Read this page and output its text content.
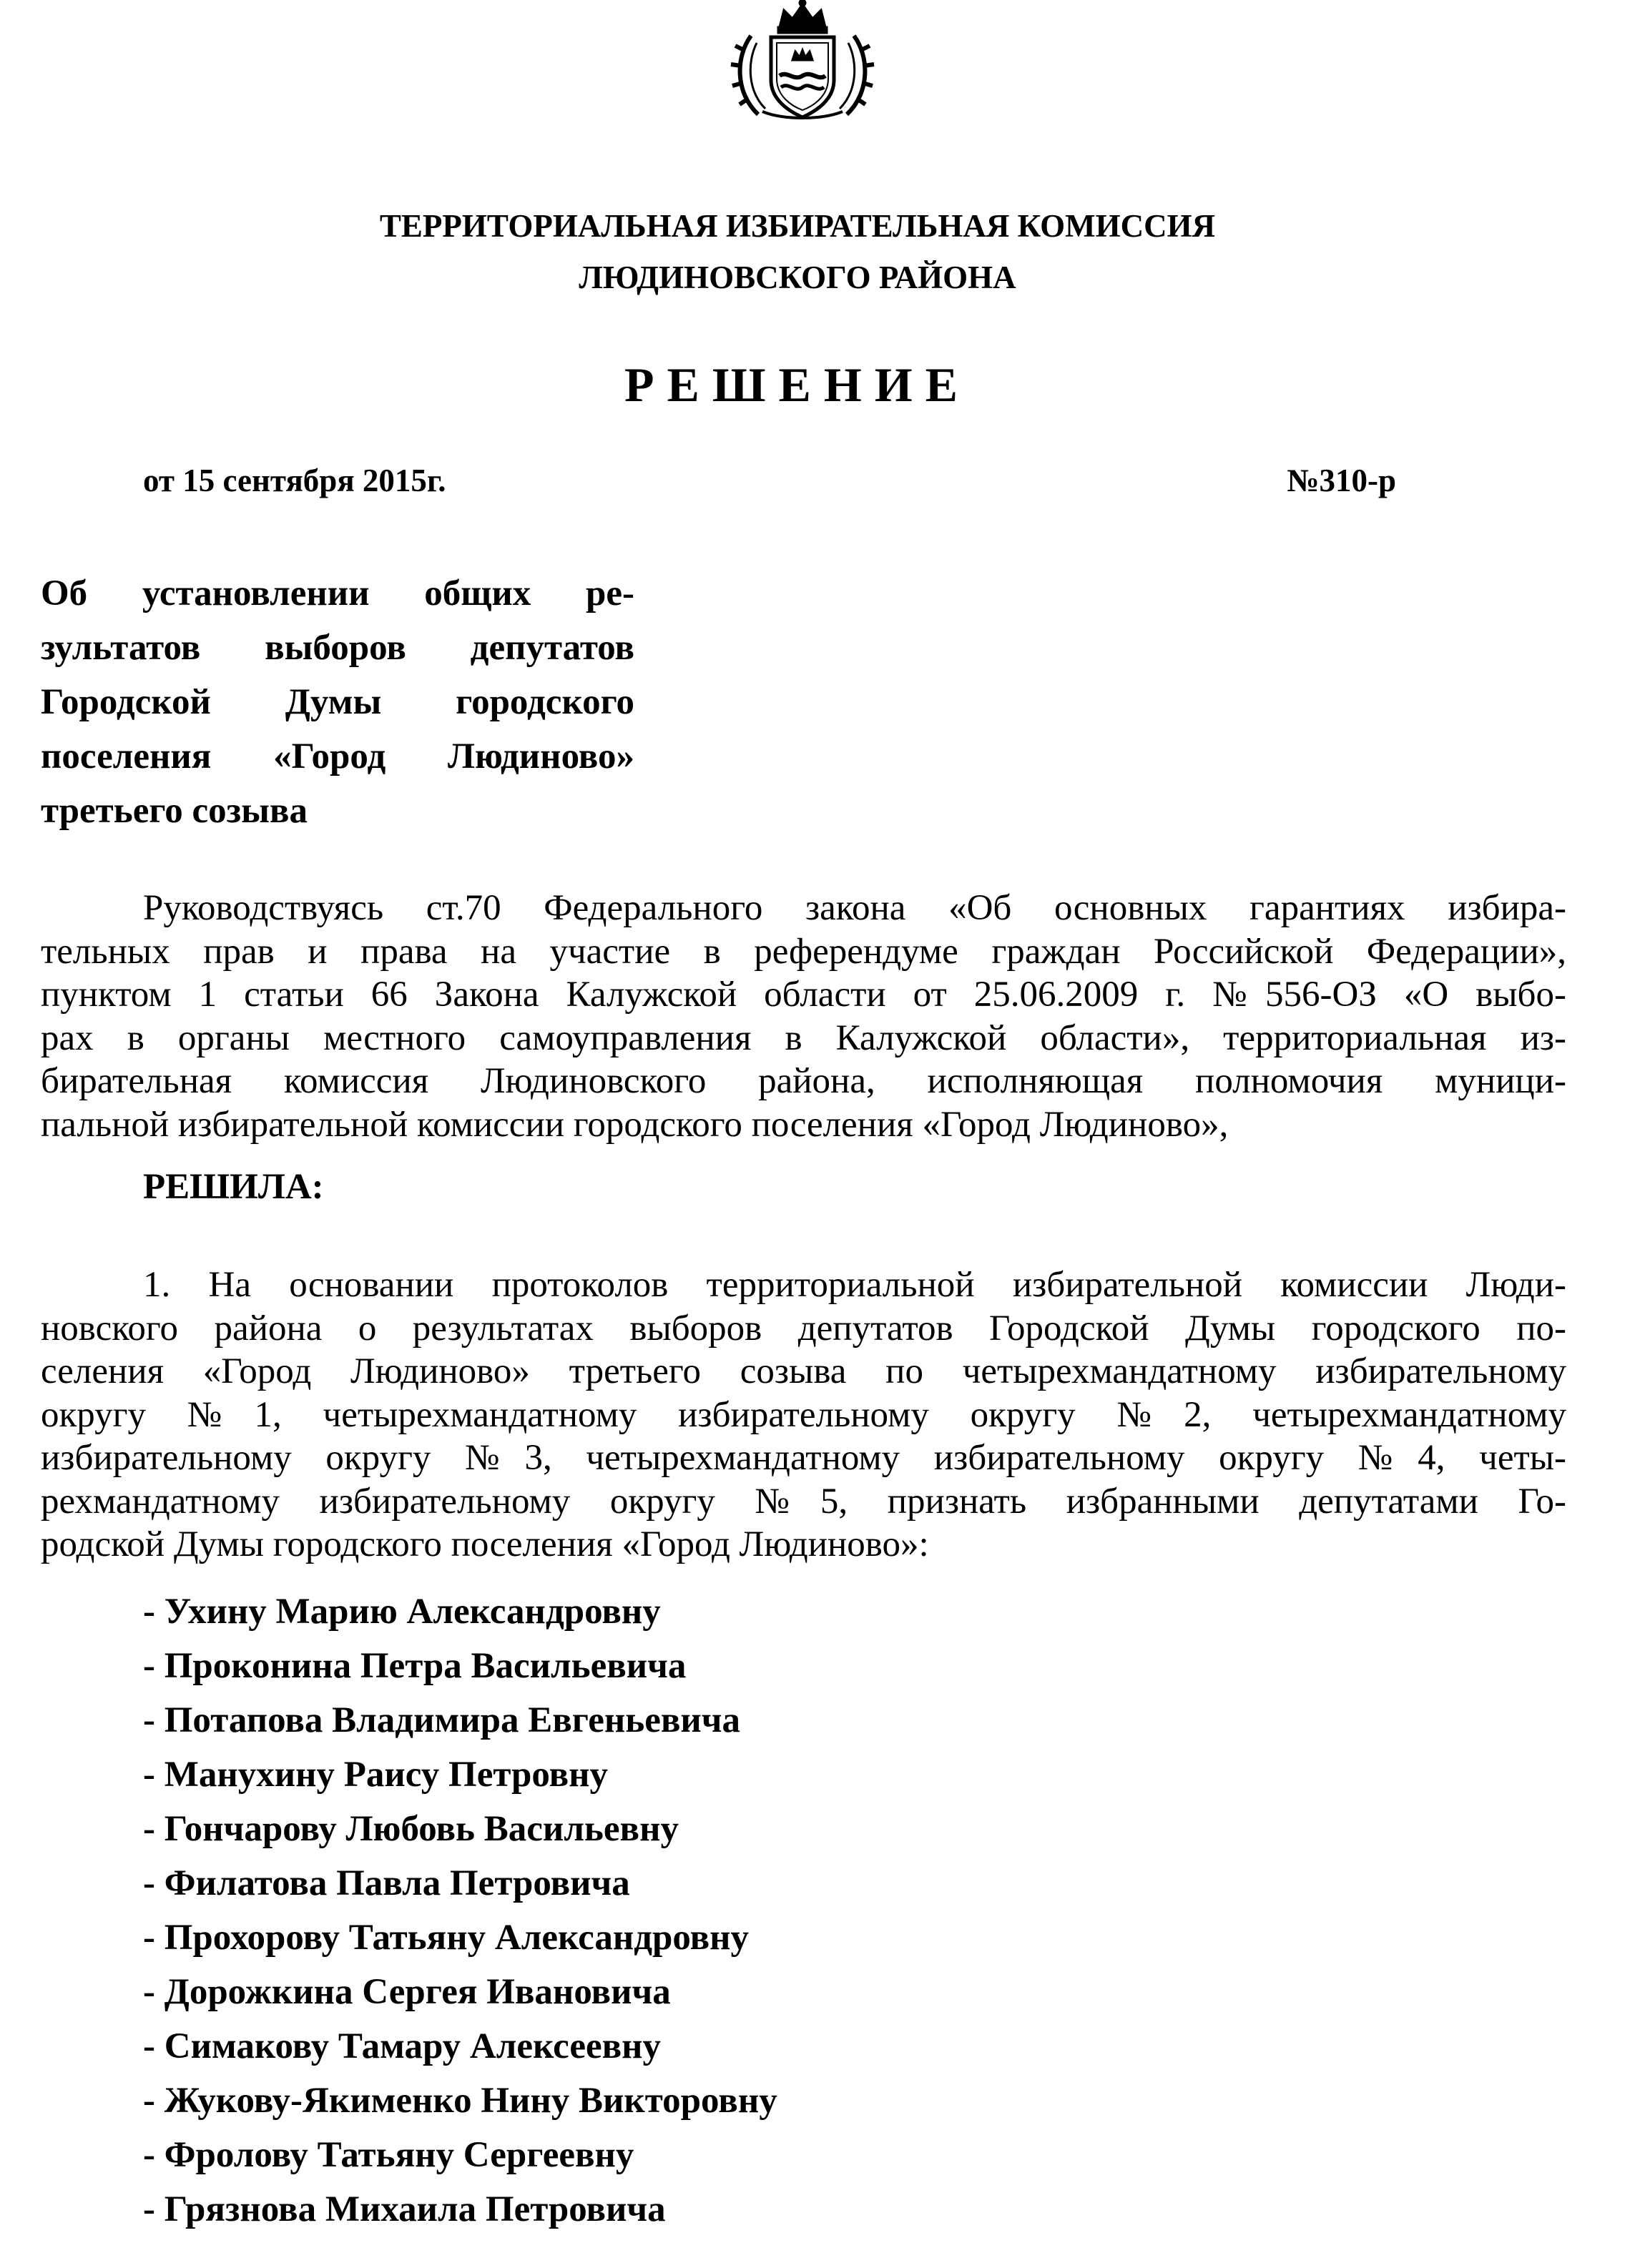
ТЕРРИТОРИАЛЬНАЯ ИЗБИРАТЕЛЬНАЯ КОМИССИЯ
ЛЮДИНОВСКОГО РАЙОНА
РЕШЕНИЕ
от 15 сентября 2015г.	№310-р
Об установлении общих ре-
зультатов выборов депутатов
Городской Думы городского
поселения «Город Людиново»
третьего созыва
Руководствуясь ст.70 Федерального закона «Об основных гарантиях избира-
тельных прав и права на участие в референдуме граждан Российской Федерации»,
пунктом 1 статьи 66 Закона Калужской области от 25.06.2009 г. №556-ОЗ «О выбо-
рах в органы местного самоуправления в Калужской области», территориальная из-
бирательная комиссия Людиновского района, исполняющая полномочия муници-
пальной избирательной комиссии городского поселения «Город Людиново»,
РЕШИЛА:
1. На основании протоколов территориальной избирательной комиссии Люди-
новского района о результатах выборов депутатов Городской Думы городского по-
селения «Город Людиново» третьего созыва по четырехмандатному избирательному
округу №1, четырехмандатному избирательному округу №2, четырехмандатному
избирательному округу №3, четырехмандатному избирательному округу №4, четы-
рехмандатному избирательному округу №5, признать избранными депутатами Го-
родской Думы городского поселения «Город Людиново»:
- Ухину Марию Александровну
- Проконина Петра Васильевича
- Потапова Владимира Евгеньевича
- Манухину Раису Петровну
- Гончарову Любовь Васильевну
- Филатова Павла Петровича
- Прохорову Татьяну Александровну
- Дорожкина Сергея Ивановича
- Симакову Тамару Алексеевну
- Жукову-Якименко Нину Викторовну
- Фролову Татьяну Сергеевну
- Грязнова Михаила Петровича
